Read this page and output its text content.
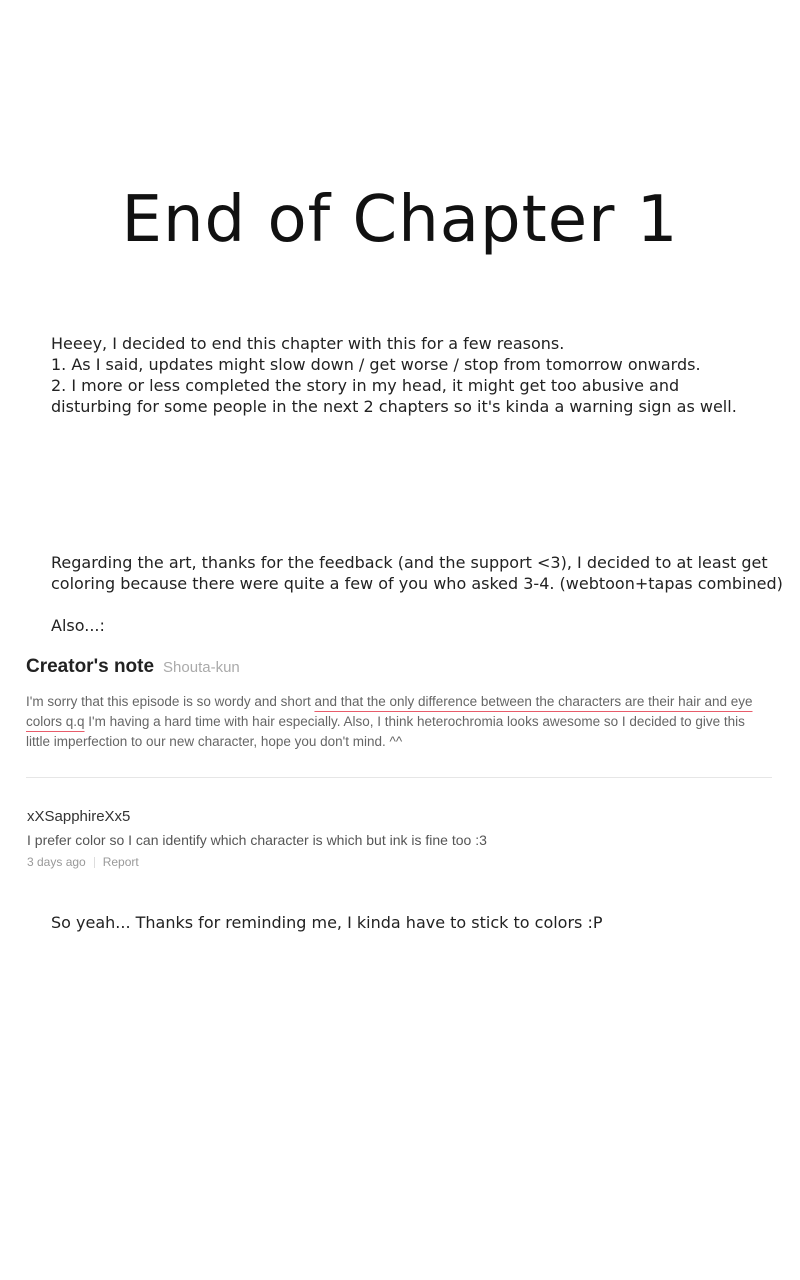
End of Chapter 1
Heeey, I decided to end this chapter with this for a few reasons.
1. As I said, updates might slow down / get worse / stop from tomorrow onwards.
2. I more or less completed the story in my head, it might get too abusive and
disturbing for some people in the next 2 chapters so it's kinda a warning sign as well.
Regarding the art, thanks for the feedback (and the support <3), I decided to at least get
coloring because there were quite a few of you who asked 3-4. (webtoon+tapas combined)
Also...:
Creator's note Shouta-kun
I'm sorry that this episode is so wordy and short and that the only difference between the characters are their hair and eye colors q.q I'm having a hard time with hair especially. Also, I think heterochromia looks awesome so I decided to give this little imperfection to our new character, hope you don't mind. ^^
xXSapphireXx5
I prefer color so I can identify which character is which but ink is fine too :3
3 days ago Report
So yeah... Thanks for reminding me, I kinda have to stick to colors :P
